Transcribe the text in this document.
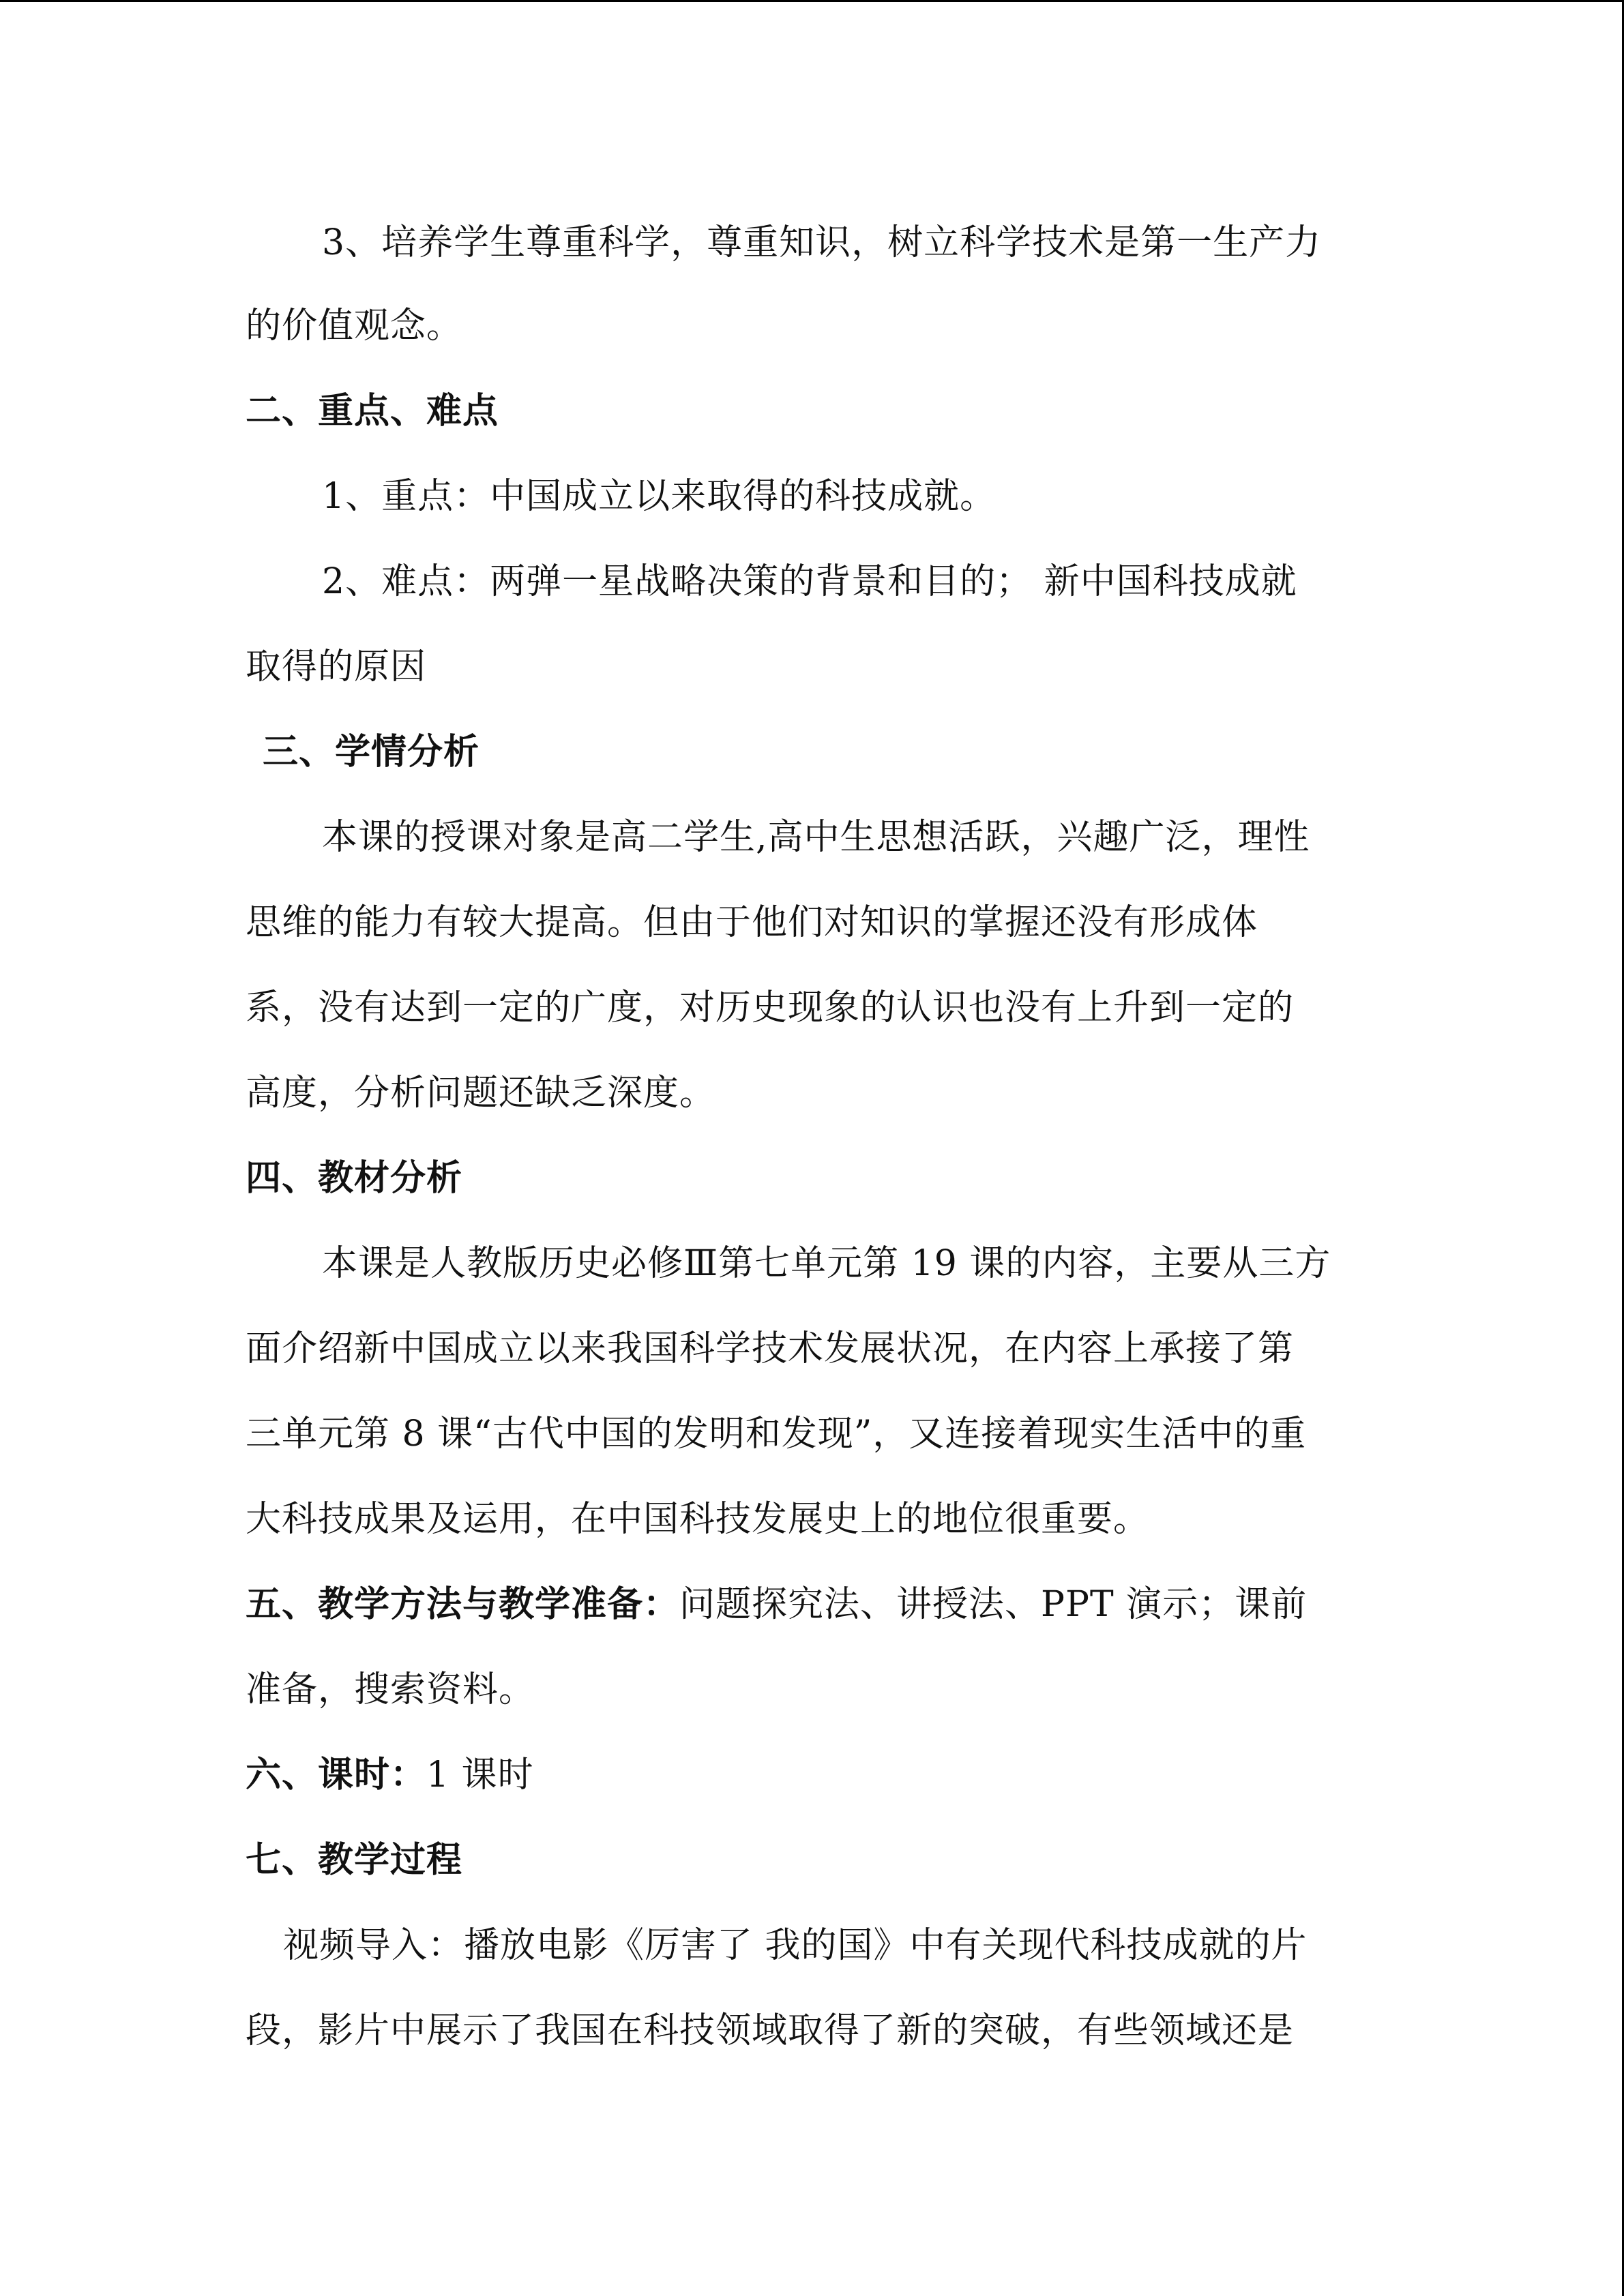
3、培养学生尊重科学，尊重知识，树立科学技术是第一生产力
的价值观念。
二、重点、难点
1、重点：中国成立以来取得的科技成就。
2、难点：两弹一星战略决策的背景和目的； 新中国科技成就
取得的原因
三、学情分析
本课的授课对象是高二学生,高中生思想活跃，兴趣广泛，理性
思维的能力有较大提高。但由于他们对知识的掌握还没有形成体
系，没有达到一定的广度，对历史现象的认识也没有上升到一定的
高度，分析问题还缺乏深度。
四、教材分析
本课是人教版历史必修Ⅲ第七单元第 19 课的内容，主要从三方
面介绍新中国成立以来我国科学技术发展状况，在内容上承接了第
三单元第 8 课“古代中国的发明和发现”，又连接着现实生活中的重
大科技成果及运用，在中国科技发展史上的地位很重要。
五、教学方法与教学准备：问题探究法、讲授法、PPT 演示；课前
准备，搜索资料。
六、课时：1 课时
七、教学过程
视频导入：播放电影《厉害了 我的国》中有关现代科技成就的片
段，影片中展示了我国在科技领域取得了新的突破，有些领域还是
